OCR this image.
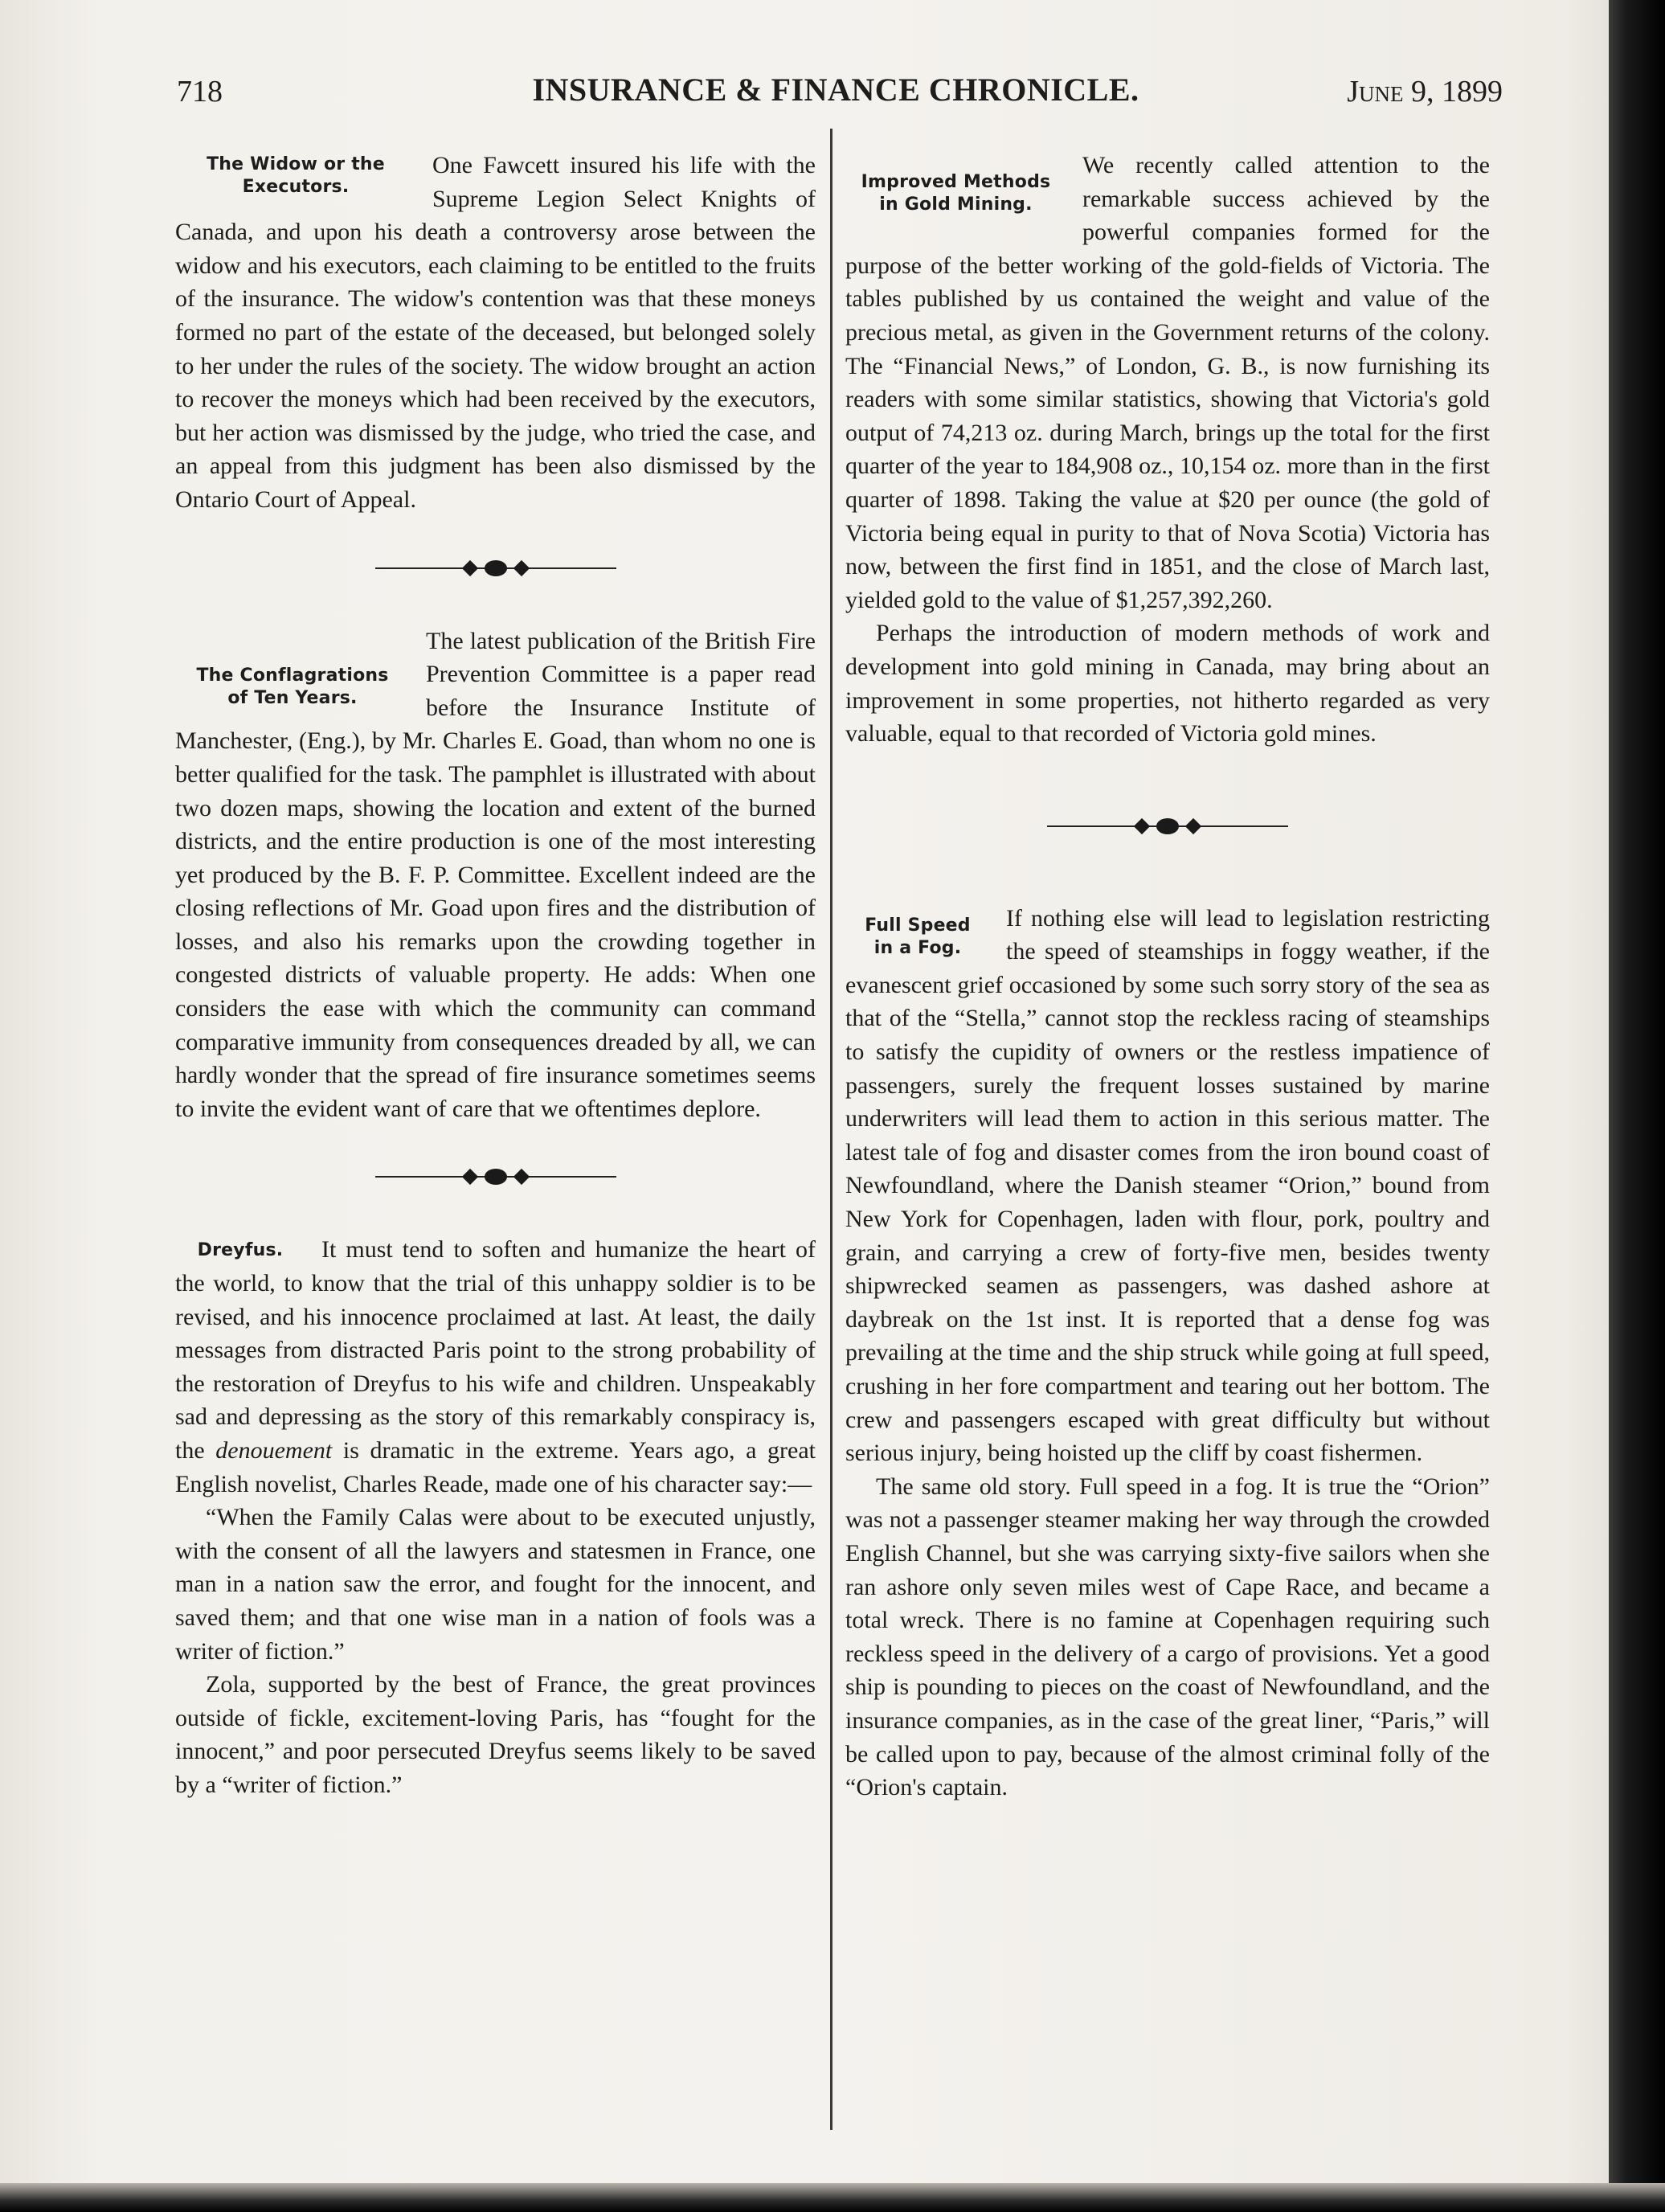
718	INSURANCE & FINANCE CHRONICLE.	June 9, 1899
The Widow or the
Executors.

One Fawcett insured his life with the Supreme Legion Select Knights of Canada, and upon his death a controversy arose between the widow and his executors, each claiming to be entitled to the fruits of the insurance. The widow's contention was that these moneys formed no part of the estate of the deceased, but belonged solely to her under the rules of the society. The widow brought an action to recover the moneys which had been received by the executors, but her action was dismissed by the judge, who tried the case, and an appeal from this judgment has been also dismissed by the Ontario Court of Appeal.

The Conflagrations
of Ten Years.

The latest publication of the British Fire Prevention Committee is a paper read before the Insurance Institute of Manchester, (Eng.), by Mr. Charles E. Goad, than whom no one is better qualified for the task. The pamphlet is illustrated with about two dozen maps, showing the location and extent of the burned districts, and the entire production is one of the most interesting yet produced by the B. F. P. Committee. Excellent indeed are the closing reflections of Mr. Goad upon fires and the distribution of losses, and also his remarks upon the crowding together in congested districts of valuable property. He adds: When one considers the ease with which the community can command comparative immunity from consequences dreaded by all, we can hardly wonder that the spread of fire insurance sometimes seems to invite the evident want of care that we oftentimes deplore.

Dreyfus.	It must tend to soften and humanize the heart of the world, to know that the trial of this unhappy soldier is to be revised, and his innocence proclaimed at last. At least, the daily messages from distracted Paris point to the strong probability of the restoration of Dreyfus to his wife and children. Unspeakably sad and depressing as the story of this remarkably conspiracy is, the denouement is dramatic in the extreme. Years ago, a great English novelist, Charles Reade, made one of his character say:—

“When the Family Calas were about to be executed unjustly, with the consent of all the lawyers and statesmen in France, one man in a nation saw the error, and fought for the innocent, and saved them; and that one wise man in a nation of fools was a writer of fiction.”

Zola, supported by the best of France, the great provinces outside of fickle, excitement-loving Paris, has “fought for the innocent,” and poor persecuted Dreyfus seems likely to be saved by a “writer of fiction.”

Improved Methods
in Gold Mining.

We recently called attention to the remarkable success achieved by the powerful companies formed for the purpose of the better working of the gold-fields of Victoria. The tables published by us contained the weight and value of the precious metal, as given in the Government returns of the colony. The “Financial News,” of London, G. B., is now furnishing its readers with some similar statistics, showing that Victoria's gold output of 74,213 oz. during March, brings up the total for the first quarter of the year to 184,908 oz., 10,154 oz. more than in the first quarter of 1898. Taking the value at $20 per ounce (the gold of Victoria being equal in purity to that of Nova Scotia) Victoria has now, between the first find in 1851, and the close of March last, yielded gold to the value of $1,257,392,260.

Perhaps the introduction of modern methods of work and development into gold mining in Canada, may bring about an improvement in some properties, not hitherto regarded as very valuable, equal to that recorded of Victoria gold mines.

Full Speed
in a Fog.

If nothing else will lead to legislation restricting the speed of steamships in foggy weather, if the evanescent grief occasioned by some such sorry story of the sea as that of the “Stella,” cannot stop the reckless racing of steamships to satisfy the cupidity of owners or the restless impatience of passengers, surely the frequent losses sustained by marine underwriters will lead them to action in this serious matter. The latest tale of fog and disaster comes from the iron bound coast of Newfoundland, where the Danish steamer “Orion,” bound from New York for Copenhagen, laden with flour, pork, poultry and grain, and carrying a crew of forty-five men, besides twenty shipwrecked seamen as passengers, was dashed ashore at daybreak on the 1st inst. It is reported that a dense fog was prevailing at the time and the ship struck while going at full speed, crushing in her fore compartment and tearing out her bottom. The crew and passengers escaped with great difficulty but without serious injury, being hoisted up the cliff by coast fishermen.

The same old story. Full speed in a fog. It is true the “Orion” was not a passenger steamer making her way through the crowded English Channel, but she was carrying sixty-five sailors when she ran ashore only seven miles west of Cape Race, and became a total wreck. There is no famine at Copenhagen requiring such reckless speed in the delivery of a cargo of provisions. Yet a good ship is pounding to pieces on the coast of Newfoundland, and the insurance companies, as in the case of the great liner, “Paris,” will be called upon to pay, because of the almost criminal folly of the “Orion's captain.
